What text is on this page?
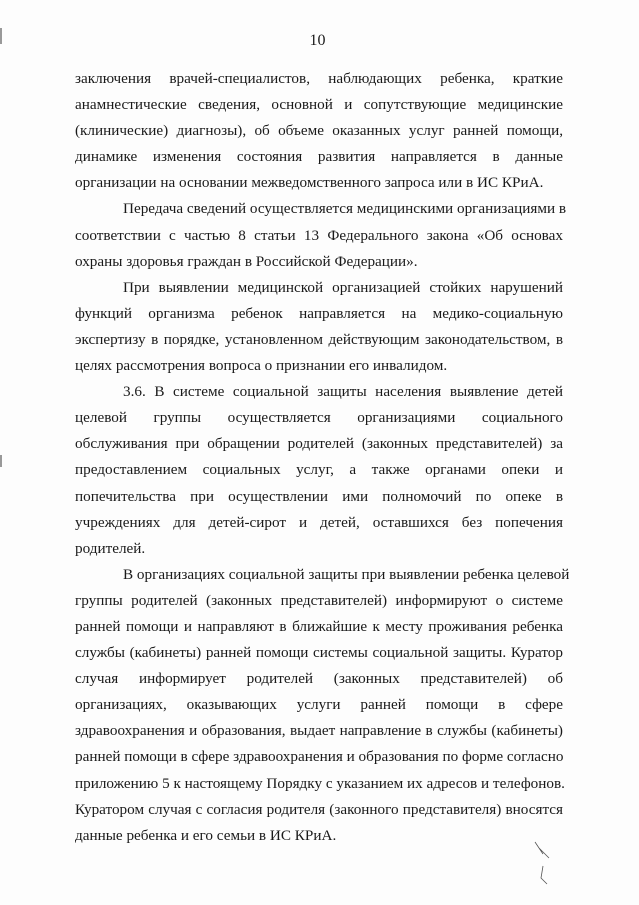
10
заключения врачей-специалистов, наблюдающих ребенка, краткие
анамнестические сведения, основной и сопутствующие медицинские
(клинические) диагнозы), об объеме оказанных услуг ранней помощи,
динамике изменения состояния развития направляется в данные
организации на основании межведомственного запроса или в ИС КРиА.
Передача сведений осуществляется медицинскими организациями в
соответствии с частью 8 статьи 13 Федерального закона «Об основах
охраны здоровья граждан в Российской Федерации».
При выявлении медицинской организацией стойких нарушений
функций организма ребенок направляется на медико-социальную
экспертизу в порядке, установленном действующим законодательством, в
целях рассмотрения вопроса о признании его инвалидом.
3.6. В системе социальной защиты населения выявление детей
целевой группы осуществляется организациями социального
обслуживания при обращении родителей (законных представителей) за
предоставлением социальных услуг, а также органами опеки и
попечительства при осуществлении ими полномочий по опеке в
учреждениях для детей-сирот и детей, оставшихся без попечения
родителей.
В организациях социальной защиты при выявлении ребенка целевой
группы родителей (законных представителей) информируют о системе
ранней помощи и направляют в ближайшие к месту проживания ребенка
службы (кабинеты) ранней помощи системы социальной защиты. Куратор
случая информирует родителей (законных представителей) об
организациях, оказывающих услуги ранней помощи в сфере
здравоохранения и образования, выдает направление в службы (кабинеты)
ранней помощи в сфере здравоохранения и образования по форме согласно
приложению 5 к настоящему Порядку с указанием их адресов и телефонов.
Куратором случая с согласия родителя (законного представителя) вносятся
данные ребенка и его семьи в ИС КРиА.
